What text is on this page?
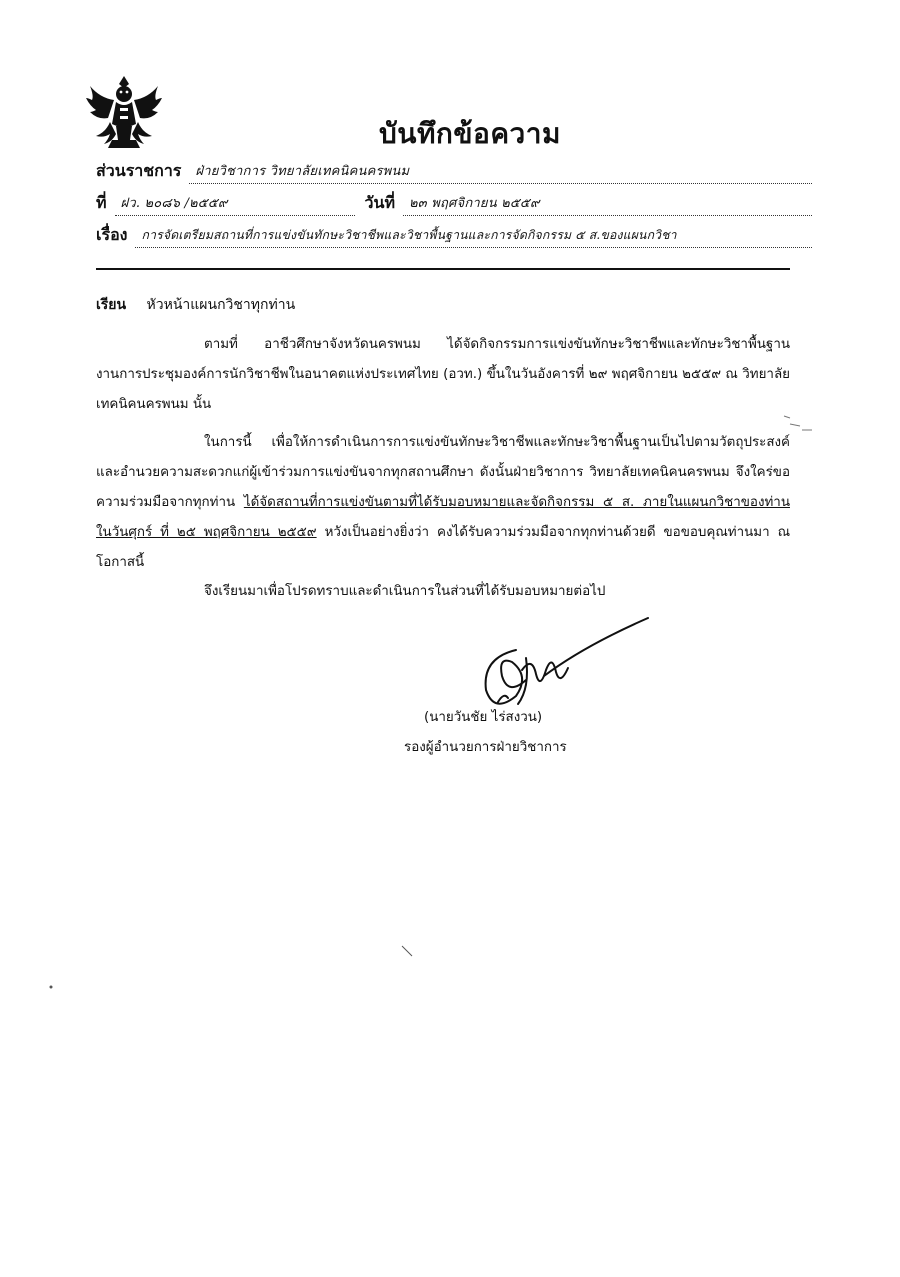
บันทึกข้อความ
ส่วนราชการ	ฝ่ายวิชาการ วิทยาลัยเทคนิคนครพนม
ที่	ฝว. ๒๐๘๖ /๒๕๕๙	วันที่	๒๓ พฤศจิกายน ๒๕๕๙
เรื่อง	การจัดเตรียมสถานที่การแข่งขันทักษะวิชาชีพและวิชาพื้นฐานและการจัดกิจกรรม ๕ ส.ของแผนกวิชา
เรียน หัวหน้าแผนกวิชาทุกท่าน

ตามที่ อาชีวศึกษาจังหวัดนครพนม ได้จัดกิจกรรมการแข่งขันทักษะวิชาชีพและทักษะวิชาพื้นฐาน งานการประชุมองค์การนักวิชาชีพในอนาคตแห่งประเทศไทย (อวท.) ขึ้นในวันอังคารที่ ๒๙ พฤศจิกายน ๒๕๕๙ ณ วิทยาลัยเทคนิคนครพนม นั้น

ในการนี้ เพื่อให้การดำเนินการการแข่งขันทักษะวิชาชีพและทักษะวิชาพื้นฐานเป็นไปตามวัตถุประสงค์และอำนวยความสะดวกแก่ผู้เข้าร่วมการแข่งขันจากทุกสถานศึกษา ดังนั้นฝ่ายวิชาการ วิทยาลัยเทคนิคนครพนม จึงใคร่ขอความร่วมมือจากทุกท่าน ได้จัดสถานที่การแข่งขันตามที่ได้รับมอบหมายและจัดกิจกรรม ๕ ส. ภายในแผนกวิชาของท่าน ในวันศุกร์ ที่ ๒๕ พฤศจิกายน ๒๕๕๙ หวังเป็นอย่างยิ่งว่า คงได้รับความร่วมมือจากทุกท่านด้วยดี ขอขอบคุณท่านมา ณ โอกาสนี้

จึงเรียนมาเพื่อโปรดทราบและดำเนินการในส่วนที่ได้รับมอบหมายต่อไป
(นายวันชัย ไร่สงวน)
รองผู้อำนวยการฝ่ายวิชาการ
